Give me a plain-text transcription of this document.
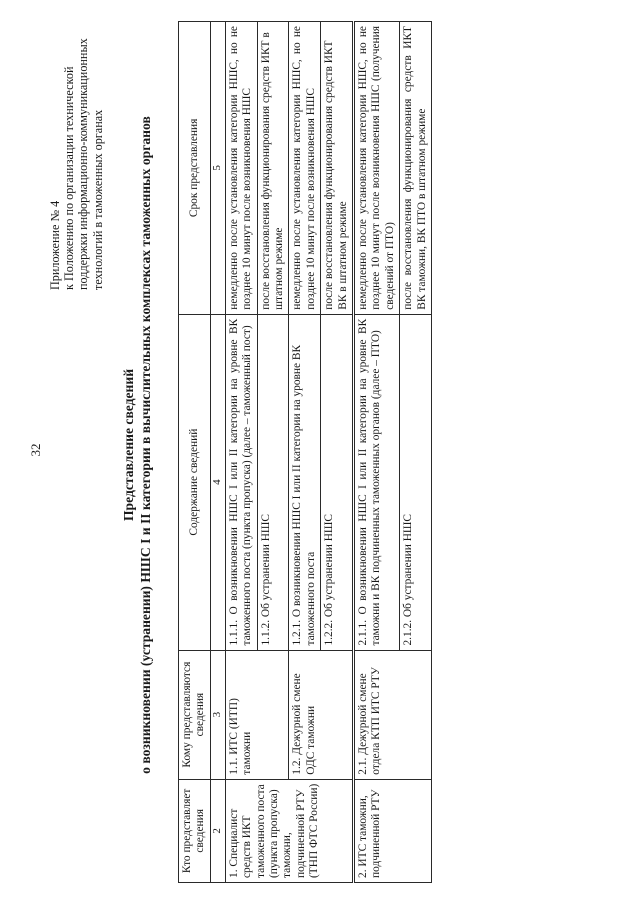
32
Приложение № 4 к Положению по организации технической поддержки информационно-коммуникационных технологий в таможенных органах
Представление сведений о возникновении (устранении) НШС I и II категории в вычислительных комплексах таможенных органов
Кто представляет сведения	Кому представляются сведения	Содержание сведений	Срок представления
2	3	4	5
1. Специалист средств ИКТ таможенного поста (пункта пропуска) таможни, подчиненной РТУ (ТНП ФТС России)	1.1. ИТС (ИТП) таможни	1.1.1. О возникновении НШС I или II категории на уровне ВК таможенного поста (пункта пропуска) (далее – таможенный пост)	немедленно после установления категории НШС, но не позднее 10 минут после возникновения НШС
		1.1.2. Об устранении НШС	после восстановления функционирования средств ИКТ в штатном режиме
	1.2. Дежурной смене ОДС таможни	1.2.1. О возникновении НШС I или II категории на уровне ВК таможенного поста	немедленно после установления категории НШС, но не позднее 10 минут после возникновения НШС
		1.2.2. Об устранении НШС	после восстановления функционирования средств ИКТ ВК в штатном режиме
2. ИТС таможни, подчиненной РТУ	2.1. Дежурной смене отдела КТП ИТС РТУ	2.1.1. О возникновении НШС I или II категории на уровне ВК таможни и ВК подчиненных таможенных органов (далее – ПТО)	немедленно после установления категории НШС, но не позднее 10 минут после возникновения НШС (получения сведений от ПТО)
		2.1.2. Об устранении НШС	после восстановления функционирования средств ИКТ ВК таможни, ВК ПТО в штатном режиме
